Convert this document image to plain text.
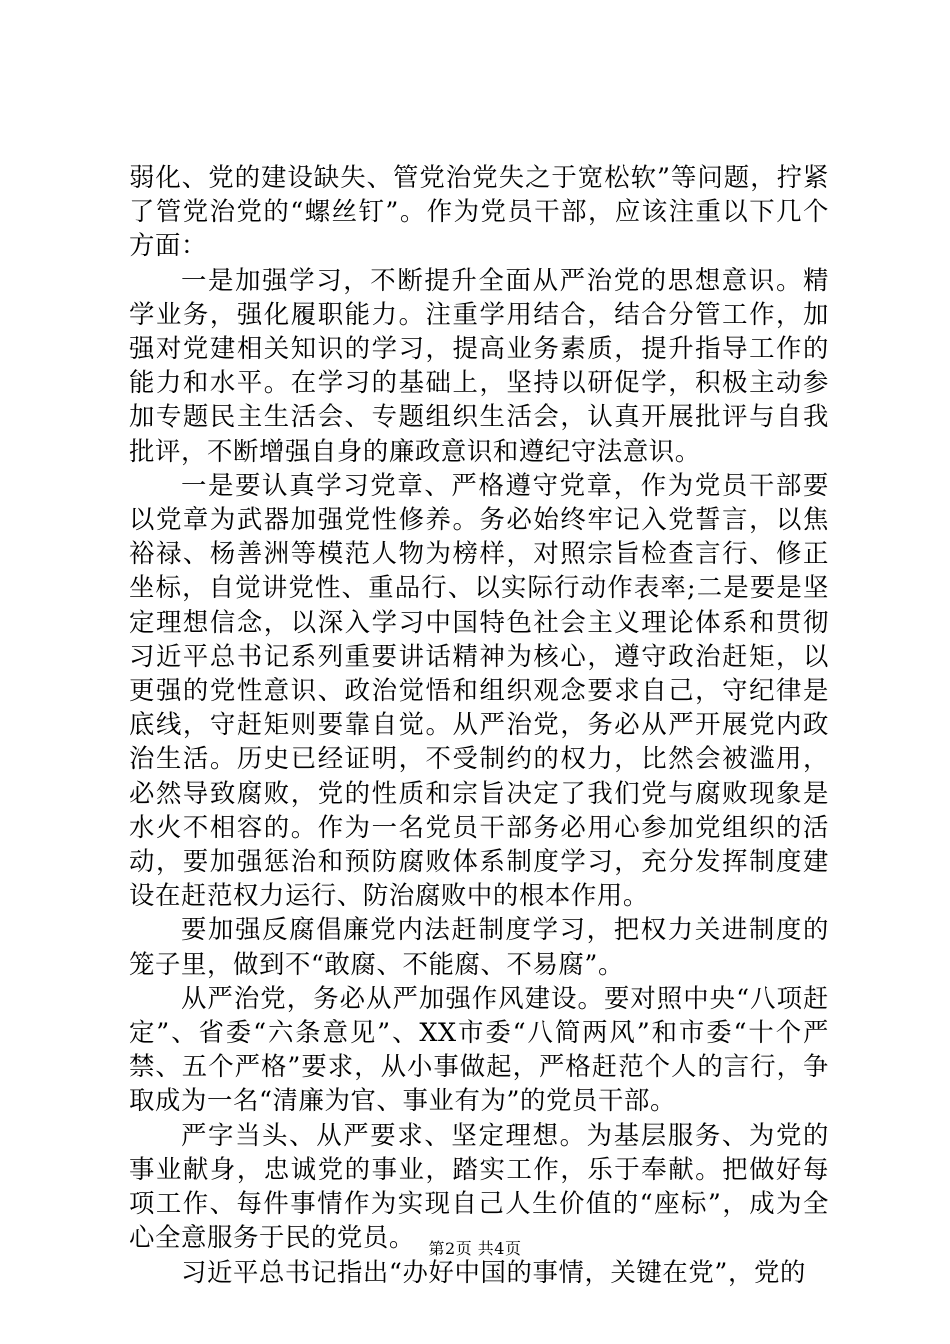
弱化、党的建设缺失、管党治党失之于宽松软”等问题，拧紧了管党治党的“螺丝钉”。作为党员干部，应该注重以下几个方面：

一是加强学习，不断提升全面从严治党的思想意识。精学业务，强化履职能力。注重学用结合，结合分管工作，加强对党建相关知识的学习，提高业务素质，提升指导工作的能力和水平。在学习的基础上，坚持以研促学，积极主动参加专题民主生活会、专题组织生活会，认真开展批评与自我批评，不断增强自身的廉政意识和遵纪守法意识。

一是要认真学习党章、严格遵守党章，作为党员干部要以党章为武器加强党性修养。务必始终牢记入党誓言，以焦裕禄、杨善洲等模范人物为榜样，对照宗旨检查言行、修正坐标，自觉讲党性、重品行、以实际行动作表率;二是要是坚定理想信念，以深入学习中国特色社会主义理论体系和贯彻习近平总书记系列重要讲话精神为核心，遵守政治赶矩，以更强的党性意识、政治觉悟和组织观念要求自己，守纪律是底线，守赶矩则要靠自觉。从严治党，务必从严开展党内政治生活。历史已经证明，不受制约的权力，比然会被滥用，必然导致腐败，党的性质和宗旨决定了我们党与腐败现象是水火不相容的。作为一名党员干部务必用心参加党组织的活动，要加强惩治和预防腐败体系制度学习，充分发挥制度建设在赶范权力运行、防治腐败中的根本作用。

要加强反腐倡廉党内法赶制度学习，把权力关进制度的笼子里，做到不“敢腐、不能腐、不易腐”。

从严治党，务必从严加强作风建设。要对照中央“八项赶定”、省委“六条意见”、XX市委“八简两风”和市委“十个严禁、五个严格”要求，从小事做起，严格赶范个人的言行，争取成为一名“清廉为官、事业有为”的党员干部。

严字当头、从严要求、坚定理想。为基层服务、为党的事业献身，忠诚党的事业，踏实工作，乐于奉献。把做好每项工作、每件事情作为实现自己人生价值的“座标”，成为全心全意服务于民的党员。

习近平总书记指出“办好中国的事情，关键在党”，党的

第2页 共4页
